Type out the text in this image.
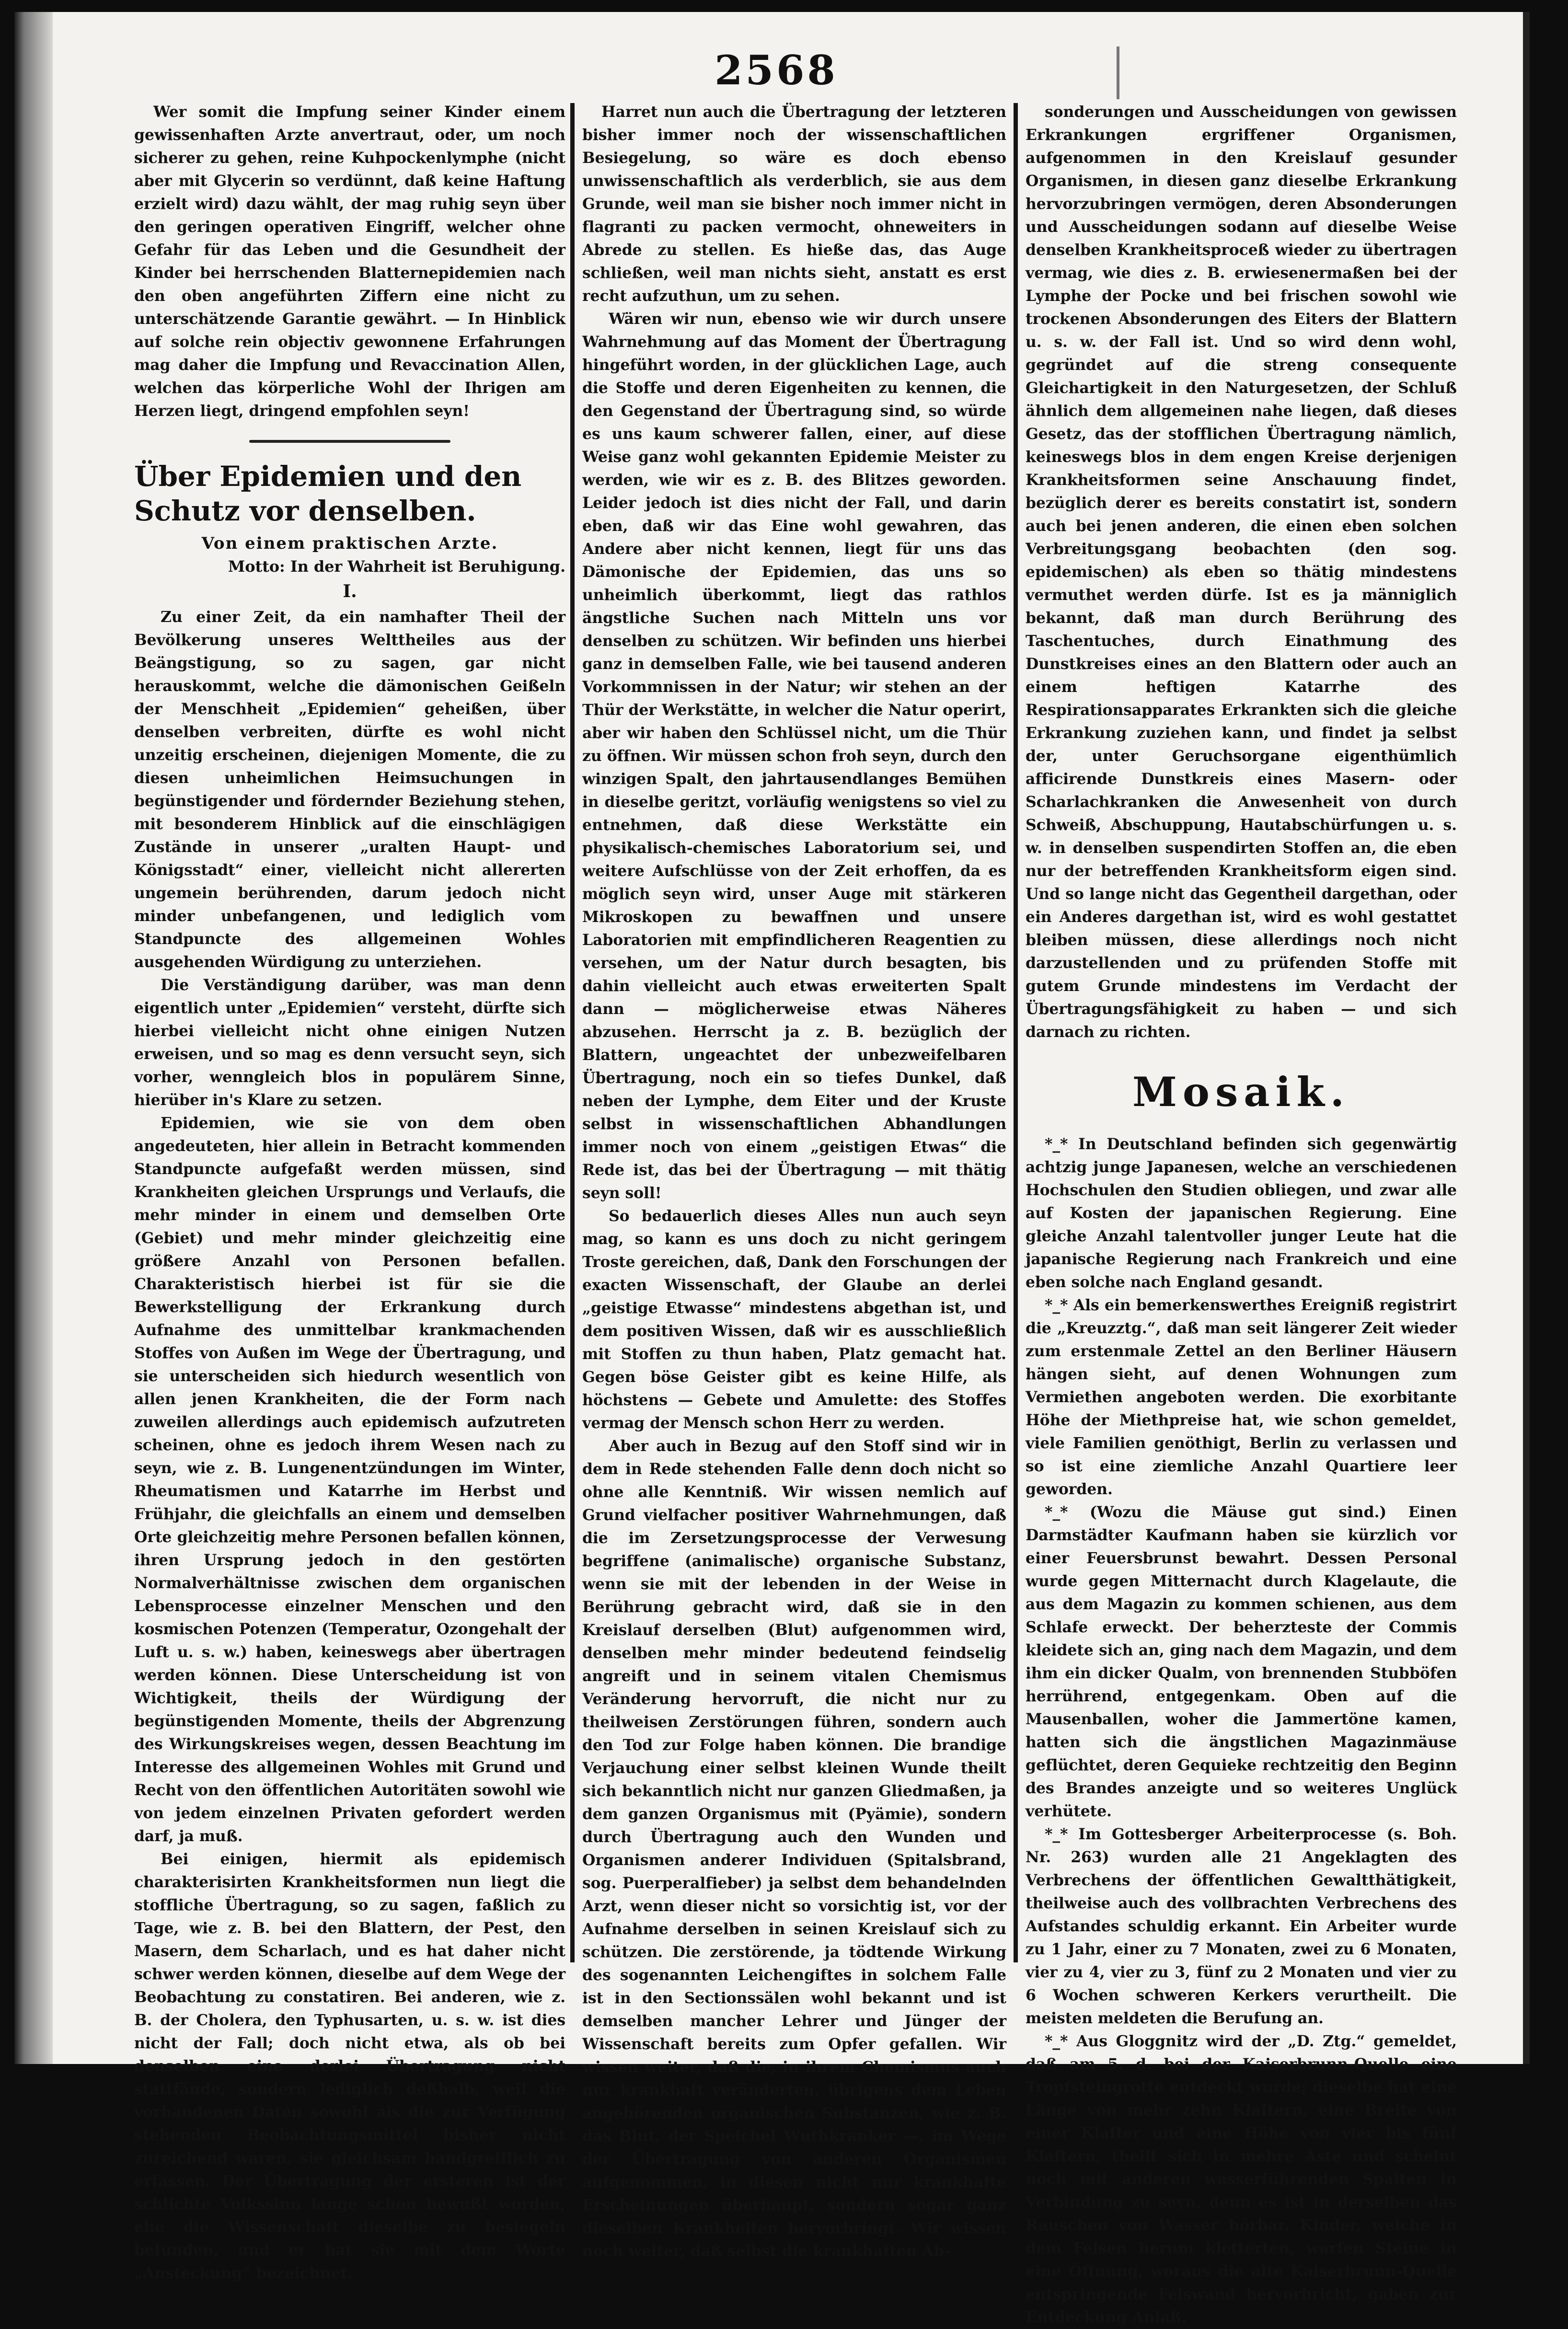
2568

Wer somit die Impfung seiner Kinder einem gewissenhaften Arzte anvertraut, oder, um noch sicherer zu gehen, reine Kuhpockenlymphe (nicht aber mit Glycerin so verdünnt, daß keine Haftung erzielt wird) dazu wählt, der mag ruhig seyn über den geringen operativen Eingriff, welcher ohne Gefahr für das Leben und die Gesundheit der Kinder bei herrschenden Blatternepidemien nach den oben angeführten Ziffern eine nicht zu unterschätzende Garantie gewährt. — In Hinblick auf solche rein objectiv gewonnene Erfahrungen mag daher die Impfung und Revaccination Allen, welchen das körperliche Wohl der Ihrigen am Herzen liegt, dringend empfohlen seyn!

Über Epidemien und den Schutz vor denselben.

Von einem praktischen Arzte.

Motto: In der Wahrheit ist Beruhigung.

I.

Zu einer Zeit, da ein namhafter Theil der Bevölkerung unseres Welttheiles aus der Beängstigung, so zu sagen, gar nicht herauskommt, welche die dämonischen Geißeln der Menschheit „Epidemien“ geheißen, über denselben verbreiten, dürfte es wohl nicht unzeitig erscheinen, diejenigen Momente, die zu diesen unheimlichen Heimsuchungen in begünstigender und fördernder Beziehung stehen, mit besonderem Hinblick auf die einschlägigen Zustände in unserer „uralten Haupt- und Königsstadt“ einer, vielleicht nicht allererten ungemein berührenden, darum jedoch nicht minder unbefangenen, und lediglich vom Standpuncte des allgemeinen Wohles ausgehenden Würdigung zu unterziehen.

Die Verständigung darüber, was man denn eigentlich unter „Epidemien“ versteht, dürfte sich hierbei vielleicht nicht ohne einigen Nutzen erweisen, und so mag es denn versucht seyn, sich vorher, wenngleich blos in populärem Sinne, hierüber in's Klare zu setzen.

Epidemien, wie sie von dem oben angedeuteten, hier allein in Betracht kommenden Standpuncte aufgefaßt werden müssen, sind Krankheiten gleichen Ursprungs und Verlaufs, die mehr minder in einem und demselben Orte (Gebiet) und mehr minder gleichzeitig eine größere Anzahl von Personen befallen. Charakteristisch hierbei ist für sie die Bewerkstelligung der Erkrankung durch Aufnahme des unmittelbar krankmachenden Stoffes von Außen im Wege der Übertragung, und sie unterscheiden sich hiedurch wesentlich von allen jenen Krankheiten, die der Form nach zuweilen allerdings auch epidemisch aufzutreten scheinen, ohne es jedoch ihrem Wesen nach zu seyn, wie z. B. Lungenentzündungen im Winter, Rheumatismen und Katarrhe im Herbst und Frühjahr, die gleichfalls an einem und demselben Orte gleichzeitig mehre Personen befallen können, ihren Ursprung jedoch in den gestörten Normalverhältnisse zwischen dem organischen Lebensprocesse einzelner Menschen und den kosmischen Potenzen (Temperatur, Ozongehalt der Luft u. s. w.) haben, keineswegs aber übertragen werden können. Diese Unterscheidung ist von Wichtigkeit, theils der Würdigung der begünstigenden Momente, theils der Abgrenzung des Wirkungskreises wegen, dessen Beachtung im Interesse des allgemeinen Wohles mit Grund und Recht von den öffentlichen Autoritäten sowohl wie von jedem einzelnen Privaten gefordert werden darf, ja muß.

Bei einigen, hiermit als epidemisch charakterisirten Krankheitsformen nun liegt die stoffliche Übertragung, so zu sagen, faßlich zu Tage, wie z. B. bei den Blattern, der Pest, den Masern, dem Scharlach, und es hat daher nicht schwer werden können, dieselbe auf dem Wege der Beobachtung zu constatiren. Bei anderen, wie z. B. der Cholera, den Typhusarten, u. s. w. ist dies nicht der Fall; doch nicht etwa, als ob bei denselben eine derlei Übertragung nicht stattfände, sondern lediglich deßhalb, weil die vorhandenen Daten sowohl als die zur Verfügung stehenden Beobachtungsmittel bisher nicht zureichend waren, sie gleichsam handgreiflich zu erfassen. Der Übertragung der ersteren ist der schlichte Volkssinn lange schon bewußt worden, ehe die Wissenschaft dieselbe zu besiegeln befunden, und er hat sie mit dem Worte „Ansteckung“ bezeichnet.

Harret nun auch die Übertragung der letzteren bisher immer noch der wissenschaftlichen Besiegelung, so wäre es doch ebenso unwissenschaftlich als verderblich, sie aus dem Grunde, weil man sie bisher noch immer nicht in flagranti zu packen vermocht, ohneweiters in Abrede zu stellen. Es hieße das, das Auge schließen, weil man nichts sieht, anstatt es erst recht aufzuthun, um zu sehen.

Wären wir nun, ebenso wie wir durch unsere Wahrnehmung auf das Moment der Übertragung hingeführt worden, in der glücklichen Lage, auch die Stoffe und deren Eigenheiten zu kennen, die den Gegenstand der Übertragung sind, so würde es uns kaum schwerer fallen, einer, auf diese Weise ganz wohl gekannten Epidemie Meister zu werden, wie wir es z. B. des Blitzes geworden. Leider jedoch ist dies nicht der Fall, und darin eben, daß wir das Eine wohl gewahren, das Andere aber nicht kennen, liegt für uns das Dämonische der Epidemien, das uns so unheimlich überkommt, liegt das rathlos ängstliche Suchen nach Mitteln uns vor denselben zu schützen. Wir befinden uns hierbei ganz in demselben Falle, wie bei tausend anderen Vorkommnissen in der Natur; wir stehen an der Thür der Werkstätte, in welcher die Natur operirt, aber wir haben den Schlüssel nicht, um die Thür zu öffnen. Wir müssen schon froh seyn, durch den winzigen Spalt, den jahrtausendlanges Bemühen in dieselbe geritzt, vorläufig wenigstens so viel zu entnehmen, daß diese Werkstätte ein physikalisch-chemisches Laboratorium sei, und weitere Aufschlüsse von der Zeit erhoffen, da es möglich seyn wird, unser Auge mit stärkeren Mikroskopen zu bewaffnen und unsere Laboratorien mit empfindlicheren Reagentien zu versehen, um der Natur durch besagten, bis dahin vielleicht auch etwas erweiterten Spalt dann — möglicherweise etwas Näheres abzusehen. Herrscht ja z. B. bezüglich der Blattern, ungeachtet der unbezweifelbaren Übertragung, noch ein so tiefes Dunkel, daß neben der Lymphe, dem Eiter und der Kruste selbst in wissenschaftlichen Abhandlungen immer noch von einem „geistigen Etwas“ die Rede ist, das bei der Übertragung — mit thätig seyn soll!

So bedauerlich dieses Alles nun auch seyn mag, so kann es uns doch zu nicht geringem Troste gereichen, daß, Dank den Forschungen der exacten Wissenschaft, der Glaube an derlei „geistige Etwasse“ mindestens abgethan ist, und dem positiven Wissen, daß wir es ausschließlich mit Stoffen zu thun haben, Platz gemacht hat. Gegen böse Geister gibt es keine Hilfe, als höchstens — Gebete und Amulette: des Stoffes vermag der Mensch schon Herr zu werden.

Aber auch in Bezug auf den Stoff sind wir in dem in Rede stehenden Falle denn doch nicht so ohne alle Kenntniß. Wir wissen nemlich auf Grund vielfacher positiver Wahrnehmungen, daß die im Zersetzungsprocesse der Verwesung begriffene (animalische) organische Substanz, wenn sie mit der lebenden in der Weise in Berührung gebracht wird, daß sie in den Kreislauf derselben (Blut) aufgenommen wird, denselben mehr minder bedeutend feindselig angreift und in seinem vitalen Chemismus Veränderung hervorruft, die nicht nur zu theilweisen Zerstörungen führen, sondern auch den Tod zur Folge haben können. Die brandige Verjauchung einer selbst kleinen Wunde theilt sich bekanntlich nicht nur ganzen Gliedmaßen, ja dem ganzen Organismus mit (Pyämie), sondern durch Übertragung auch den Wunden und Organismen anderer Individuen (Spitalsbrand, sog. Puerperalfieber) ja selbst dem behandelnden Arzt, wenn dieser nicht so vorsichtig ist, vor der Aufnahme derselben in seinen Kreislauf sich zu schützen. Die zerstörende, ja tödtende Wirkung des sogenannten Leichengiftes in solchem Falle ist in den Sectionssälen wohl bekannt und ist demselben mancher Lehrer und Jünger der Wissenschaft bereits zum Opfer gefallen. Wir wissen weiter, daß die, in ihrem Chemismus auch nur krankhaft veränderten, übrigens dem Leben angehörenden organischen Substanzen, wie z. B. das Blut, der Speichel Wuthkranker —, im Wege der Übertragung von anderen Organismen aufgenommen, in diesen nicht nur krankhafte Erscheinungen überhaupt, sondern sogar ganz dieselben Krankheiten hervorbringt. Wir wissen noch weiter, daß selbst die krankhaften Ab-

sonderungen und Ausscheidungen von gewissen Erkrankungen ergriffener Organismen, aufgenommen in den Kreislauf gesunder Organismen, in diesen ganz dieselbe Erkrankung hervorzubringen vermögen, deren Absonderungen und Ausscheidungen sodann auf dieselbe Weise denselben Krankheitsproceß wieder zu übertragen vermag, wie dies z. B. erwiesenermaßen bei der Lymphe der Pocke und bei frischen sowohl wie trockenen Absonderungen des Eiters der Blattern u. s. w. der Fall ist. Und so wird denn wohl, gegründet auf die streng consequente Gleichartigkeit in den Naturgesetzen, der Schluß ähnlich dem allgemeinen nahe liegen, daß dieses Gesetz, das der stofflichen Übertragung nämlich, keineswegs blos in dem engen Kreise derjenigen Krankheitsformen seine Anschauung findet, bezüglich derer es bereits constatirt ist, sondern auch bei jenen anderen, die einen eben solchen Verbreitungsgang beobachten (den sog. epidemischen) als eben so thätig mindestens vermuthet werden dürfe. Ist es ja männiglich bekannt, daß man durch Berührung des Taschentuches, durch Einathmung des Dunstkreises eines an den Blattern oder auch an einem heftigen Katarrhe des Respirationsapparates Erkrankten sich die gleiche Erkrankung zuziehen kann, und findet ja selbst der, unter Geruchsorgane eigenthümlich afficirende Dunstkreis eines Masern- oder Scharlachkranken die Anwesenheit von durch Schweiß, Abschuppung, Hautabschürfungen u. s. w. in denselben suspendirten Stoffen an, die eben nur der betreffenden Krankheitsform eigen sind. Und so lange nicht das Gegentheil dargethan, oder ein Anderes dargethan ist, wird es wohl gestattet bleiben müssen, diese allerdings noch nicht darzustellenden und zu prüfenden Stoffe mit gutem Grunde mindestens im Verdacht der Übertragungsfähigkeit zu haben — und sich darnach zu richten.

Mosaik.

*_* In Deutschland befinden sich gegenwärtig achtzig junge Japanesen, welche an verschiedenen Hochschulen den Studien obliegen, und zwar alle auf Kosten der japanischen Regierung. Eine gleiche Anzahl talentvoller junger Leute hat die japanische Regierung nach Frankreich und eine eben solche nach England gesandt.

*_* Als ein bemerkenswerthes Ereigniß registrirt die „Kreuzztg.“, daß man seit längerer Zeit wieder zum erstenmale Zettel an den Berliner Häusern hängen sieht, auf denen Wohnungen zum Vermiethen angeboten werden. Die exorbitante Höhe der Miethpreise hat, wie schon gemeldet, viele Familien genöthigt, Berlin zu verlassen und so ist eine ziemliche Anzahl Quartiere leer geworden.

*_* (Wozu die Mäuse gut sind.) Einen Darmstädter Kaufmann haben sie kürzlich vor einer Feuersbrunst bewahrt. Dessen Personal wurde gegen Mitternacht durch Klagelaute, die aus dem Magazin zu kommen schienen, aus dem Schlafe erweckt. Der beherzteste der Commis kleidete sich an, ging nach dem Magazin, und dem ihm ein dicker Qualm, von brennenden Stubböfen herrührend, entgegenkam. Oben auf die Mausenballen, woher die Jammertöne kamen, hatten sich die ängstlichen Magazinmäuse geflüchtet, deren Gequieke rechtzeitig den Beginn des Brandes anzeigte und so weiteres Unglück verhütete.

*_* Im Gottesberger Arbeiterprocesse (s. Boh. Nr. 263) wurden alle 21 Angeklagten des Verbrechens der öffentlichen Gewaltthätigkeit, theilweise auch des vollbrachten Verbrechens des Aufstandes schuldig erkannt. Ein Arbeiter wurde zu 1 Jahr, einer zu 7 Monaten, zwei zu 6 Monaten, vier zu 4, vier zu 3, fünf zu 2 Monaten und vier zu 6 Wochen schweren Kerkers verurtheilt. Die meisten meldeten die Berufung an.

*_* Aus Gloggnitz wird der „D. Ztg.“ gemeldet, daß am 5. d. bei der Kaiserbrunn-Quelle eine Tropfsteingrotte entdeckt wurde; dieselbe hat eine Länge von mehr zehn Klaftern, eine Breite von einer Klafter und eine Höhe von vier bis fünf Klaftern, theilt sich in mehre Äste und scheint noch mit anderen wasserführenden Spalten in Verbindung zu seyn, denn es ist in derselben das Rauschen von Wasser hörbar. Kinder, welche in dem Felsen herum kletterten, warfen Steine in eine Öffnung, woraus die alte Kaiserbrunn-Quelle entspringende Felswand hervorbricht, gaben zur Entdeckung Anlaß.
